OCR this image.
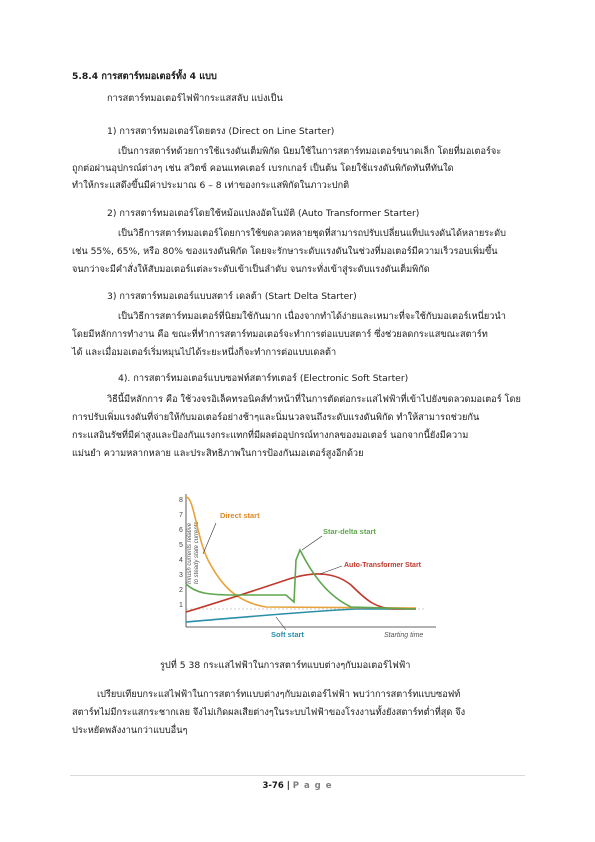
5.8.4 การสตาร์ทมอเตอร์ทั้ง 4 แบบ
การสตาร์ทมอเตอร์ไฟฟ้ากระแสสลับ แบ่งเป็น
1) การสตาร์ทมอเตอร์โดยตรง (Direct on Line Starter)
เป็นการสตาร์ทด้วยการใช้แรงดันเต็มพิกัด นิยมใช้ในการสตาร์ทมอเตอร์ขนาดเล็ก โดยที่มอเตอร์จะ
ถูกต่อผ่านอุปกรณ์ต่างๆ เช่น สวิตซ์ คอนแทคเตอร์ เบรกเกอร์ เป็นต้น โดยใช้แรงดันพิกัดทันทีทันใด
ทำให้กระแสดึงขึ้นมีค่าประมาณ 6 – 8 เท่าของกระแสพิกัดในภาวะปกติ
2) การสตาร์ทมอเตอร์โดยใช้หม้อแปลงอัตโนมัติ (Auto Transformer Starter)
เป็นวิธีการสตาร์ทมอเตอร์โดยการใช้ขดลวดหลายชุดที่สามารถปรับเปลี่ยนแท็ปแรงดันได้หลายระดับ
เช่น 55%, 65%, หรือ 80% ของแรงดันพิกัด โดยจะรักษาระดับแรงดันในช่วงที่มอเตอร์มีความเร็วรอบเพิ่มขึ้น
จนกว่าจะมีคำสั่งให้สับมอเตอร์แต่ละระดับเข้าเป็นลำดับ จนกระทั่งเข้าสู่ระดับแรงดันเต็มพิกัด
3) การสตาร์ทมอเตอร์แบบสตาร์ เดลต้า (Start Delta Starter)
เป็นวิธีการสตาร์ทมอเตอร์ที่นิยมใช้กันมาก เนื่องจากทำได้ง่ายและเหมาะที่จะใช้กับมอเตอร์เหนี่ยวนำ
โดยมีหลักการทำงาน คือ ขณะที่ทำการสตาร์ทมอเตอร์จะทำการต่อแบบสตาร์ ซึ่งช่วยลดกระแสขณะสตาร์ท
ได้ และเมื่อมอเตอร์เริ่มหมุนไปได้ระยะหนึ่งก็จะทำการต่อแบบเดลต้า
4). การสตาร์ทมอเตอร์แบบซอฟท์สตาร์ทเตอร์ (Electronic Soft Starter)
วิธีนี้มีหลักการ คือ ใช้วงจรอิเล็คทรอนิคส์ทำหน้าที่ในการตัดต่อกระแสไฟฟ้าที่เข้าไปยังขดลวดมอเตอร์ โดย
การปรับเพิ่มแรงดันที่จ่ายให้กับมอเตอร์อย่างช้าๆและนิ่มนวลจนถึงระดับแรงดันพิกัด ทำให้สามารถช่วยกัน
กระแสอินรัชที่มีค่าสูงและป้องกันแรงกระแทกที่มีผลต่ออุปกรณ์ทางกลของมอเตอร์ นอกจากนี้ยังมีความ
แม่นยำ ความหลากหลาย และประสิทธิภาพในการป้องกันมอเตอร์สูงอีกด้วย
8
7
6
5
4
3
2
1
Inrush currents relative to steady state currents
Direct start
Star-delta start
Auto-Transformer Start
Soft start	Starting time
รูปที่ 5 38 กระแสไฟฟ้าในการสตาร์ทแบบต่างๆกับมอเตอร์ไฟฟ้า
เปรียบเทียบกระแสไฟฟ้าในการสตาร์ทแบบต่างๆกับมอเตอร์ไฟฟ้า พบว่าการสตาร์ทแบบซอฟท์
สตาร์ทไม่มีกระแสกระชากเลย จึงไม่เกิดผลเสียต่างๆในระบบไฟฟ้าของโรงงานทั้งยังสตาร์ทต่ำที่สุด จึง
ประหยัดพลังงานกว่าแบบอื่นๆ
3-76 | P a g e
